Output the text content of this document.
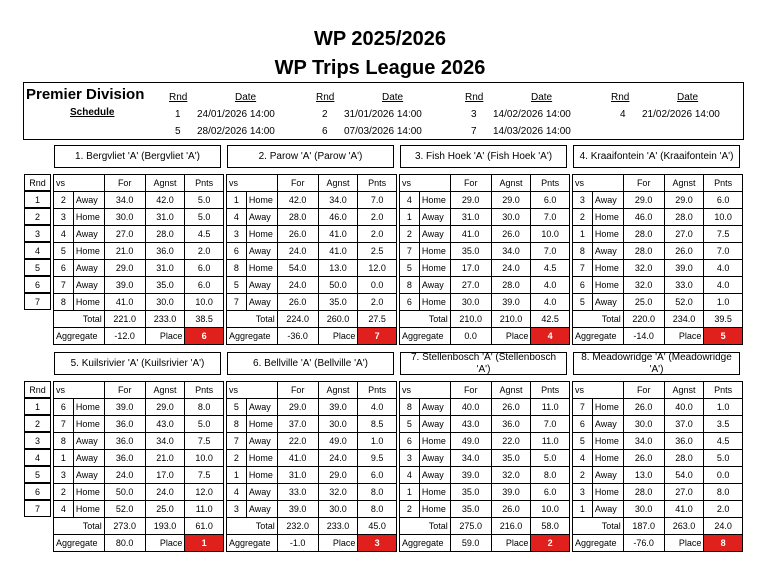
WP 2025/2026
WP Trips League 2026
Premier Division
Schedule
Rnd	Date	Rnd	Date	Rnd	Date	Rnd	Date
1 24/01/2026 14:00	2 31/01/2026 14:00	3 14/02/2026 14:00	4 21/02/2026 14:00
5 28/02/2026 14:00	6 07/03/2026 14:00	7 14/03/2026 14:00
Rnd
1
2
3
4
5
6
7
Rnd
1
2
3
4
5
6
7
1. Bergvliet 'A' (Bergvliet 'A')
vs		For	Agnst	Pnts
2	Away	34.0	42.0	5.0
3	Home	30.0	31.0	5.0
4	Away	27.0	28.0	4.5
5	Home	21.0	36.0	2.0
6	Away	29.0	31.0	6.0
7	Away	39.0	35.0	6.0
8	Home	41.0	30.0	10.0
Total		221.0	233.0	38.5
Aggregate		-12.0	Place	6
2. Parow 'A' (Parow 'A')
vs		For	Agnst	Pnts
1	Home	42.0	34.0	7.0
4	Away	28.0	46.0	2.0
3	Home	26.0	41.0	2.0
6	Away	24.0	41.0	2.5
8	Home	54.0	13.0	12.0
5	Away	24.0	50.0	0.0
7	Away	26.0	35.0	2.0
Total		224.0	260.0	27.5
Aggregate		-36.0	Place	7
3. Fish Hoek 'A' (Fish Hoek 'A')
vs		For	Agnst	Pnts
4	Home	29.0	29.0	6.0
1	Away	31.0	30.0	7.0
2	Away	41.0	26.0	10.0
7	Home	35.0	34.0	7.0
5	Home	17.0	24.0	4.5
8	Away	27.0	28.0	4.0
6	Home	30.0	39.0	4.0
Total		210.0	210.0	42.5
Aggregate		0.0	Place	4
4. Kraaifontein 'A' (Kraaifontein 'A')
vs		For	Agnst	Pnts
3	Away	29.0	29.0	6.0
2	Home	46.0	28.0	10.0
1	Home	28.0	27.0	7.5
8	Away	28.0	26.0	7.0
7	Home	32.0	39.0	4.0
6	Home	32.0	33.0	4.0
5	Away	25.0	52.0	1.0
Total		220.0	234.0	39.5
Aggregate		-14.0	Place	5
5. Kuilsrivier 'A' (Kuilsrivier 'A')
vs		For	Agnst	Pnts
6	Home	39.0	29.0	8.0
7	Home	36.0	43.0	5.0
8	Away	36.0	34.0	7.5
1	Away	36.0	21.0	10.0
3	Away	24.0	17.0	7.5
2	Home	50.0	24.0	12.0
4	Home	52.0	25.0	11.0
Total		273.0	193.0	61.0
Aggregate		80.0	Place	1
6. Bellville 'A' (Bellville 'A')
vs		For	Agnst	Pnts
5	Away	29.0	39.0	4.0
8	Home	37.0	30.0	8.5
7	Away	22.0	49.0	1.0
2	Home	41.0	24.0	9.5
1	Home	31.0	29.0	6.0
4	Away	33.0	32.0	8.0
3	Away	39.0	30.0	8.0
Total		232.0	233.0	45.0
Aggregate		-1.0	Place	3
7. Stellenbosch 'A' (Stellenbosch 'A')
vs		For	Agnst	Pnts
8	Away	40.0	26.0	11.0
5	Away	43.0	36.0	7.0
6	Home	49.0	22.0	11.0
3	Away	34.0	35.0	5.0
4	Away	39.0	32.0	8.0
1	Home	35.0	39.0	6.0
2	Home	35.0	26.0	10.0
Total		275.0	216.0	58.0
Aggregate		59.0	Place	2
8. Meadowridge 'A' (Meadowridge 'A')
vs		For	Agnst	Pnts
7	Home	26.0	40.0	1.0
6	Away	30.0	37.0	3.5
5	Home	34.0	36.0	4.5
4	Home	26.0	28.0	5.0
2	Away	13.0	54.0	0.0
3	Home	28.0	27.0	8.0
1	Away	30.0	41.0	2.0
Total		187.0	263.0	24.0
Aggregate		-76.0	Place	8
